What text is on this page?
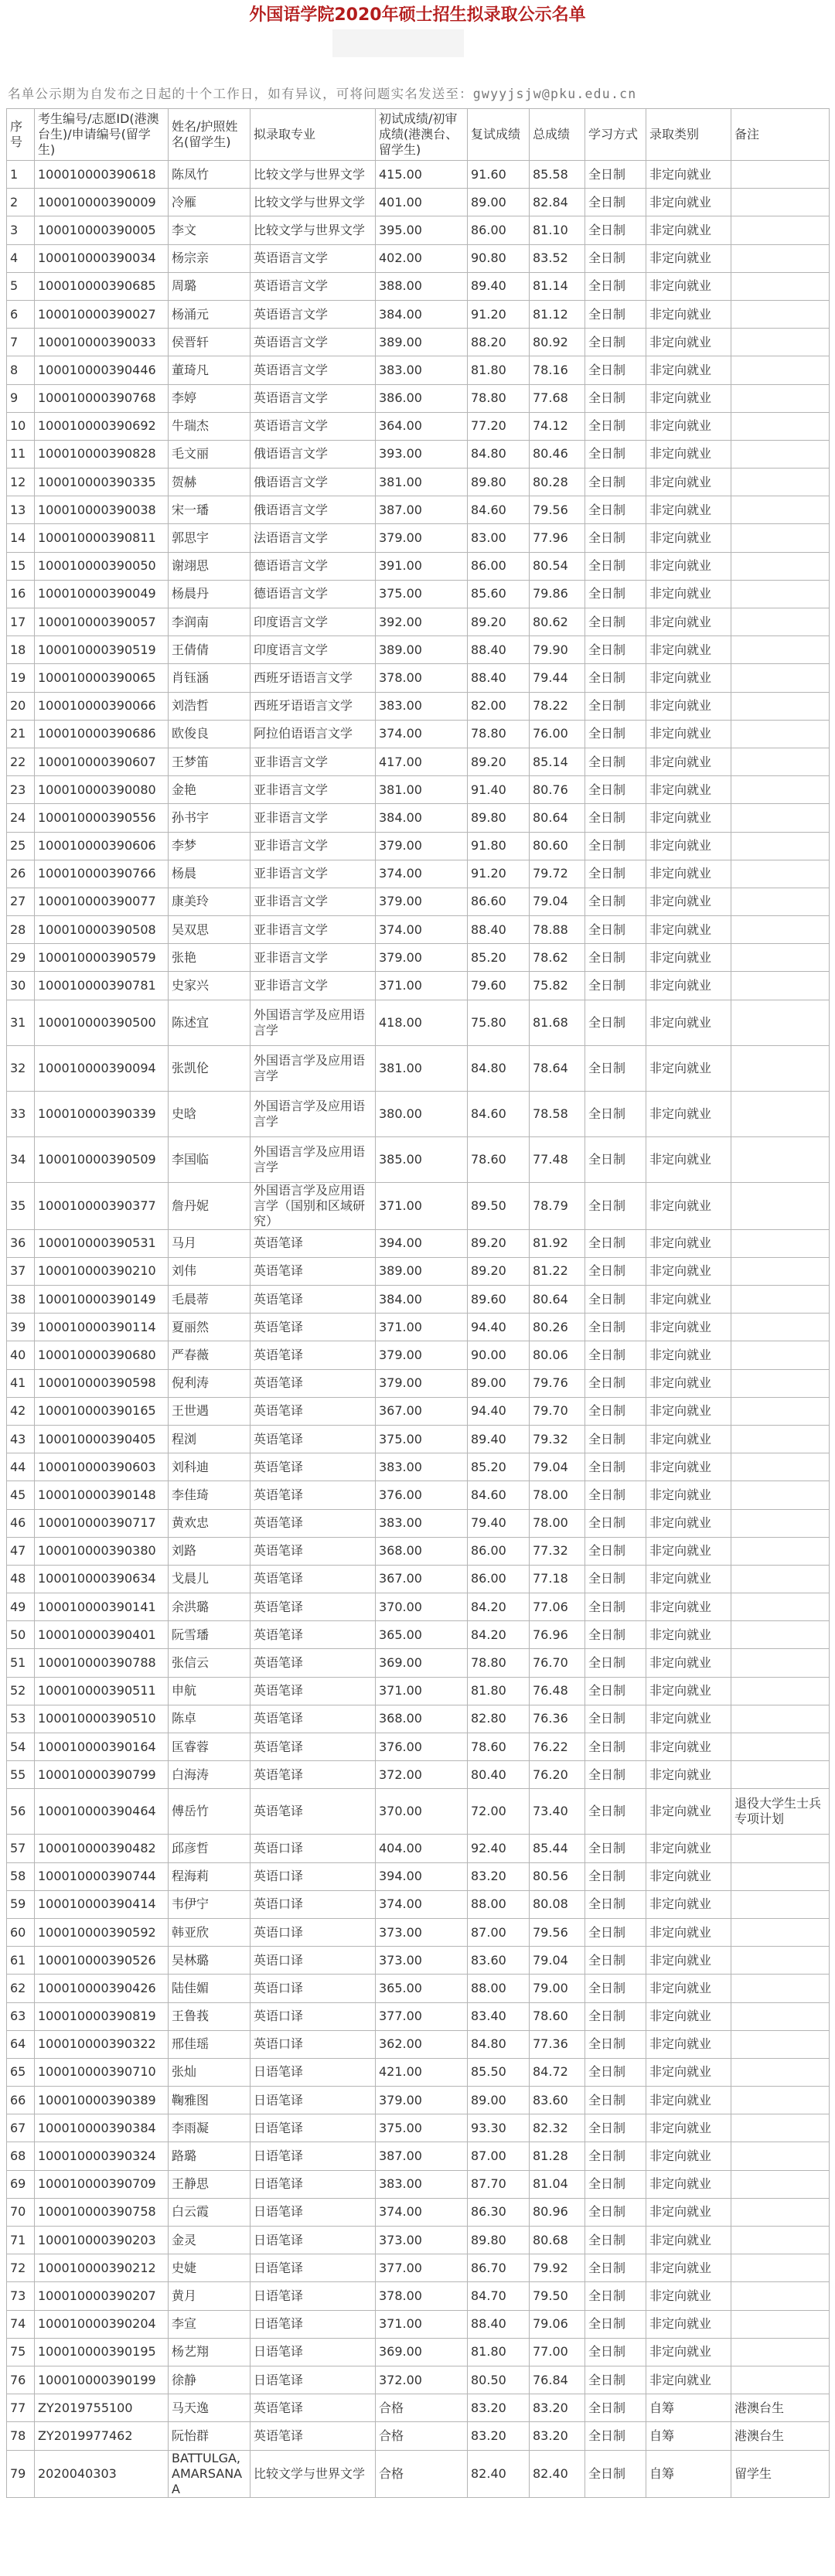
外国语学院2020年硕士招生拟录取公示名单
名单公示期为自发布之日起的十个工作日，如有异议，可将问题实名发送至：gwyyjsjw@pku.edu.cn
序号	考生编号/志愿ID(港澳台生)/申请编号(留学生)	姓名/护照姓名(留学生)	拟录取专业	初试成绩/初审成绩(港澳台、留学生)	复试成绩	总成绩	学习方式	录取类别	备注
1	100010000390618	陈凤竹	比较文学与世界文学	415.00	91.60	85.58	全日制	非定向就业	
2	100010000390009	冷雁	比较文学与世界文学	401.00	89.00	82.84	全日制	非定向就业	
3	100010000390005	李文	比较文学与世界文学	395.00	86.00	81.10	全日制	非定向就业	
4	100010000390034	杨宗亲	英语语言文学	402.00	90.80	83.52	全日制	非定向就业	
5	100010000390685	周璐	英语语言文学	388.00	89.40	81.14	全日制	非定向就业	
6	100010000390027	杨涌元	英语语言文学	384.00	91.20	81.12	全日制	非定向就业	
7	100010000390033	侯晋轩	英语语言文学	389.00	88.20	80.92	全日制	非定向就业	
8	100010000390446	董琦凡	英语语言文学	383.00	81.80	78.16	全日制	非定向就业	
9	100010000390768	李婷	英语语言文学	386.00	78.80	77.68	全日制	非定向就业	
10	100010000390692	牛瑞杰	英语语言文学	364.00	77.20	74.12	全日制	非定向就业	
11	100010000390828	毛文丽	俄语语言文学	393.00	84.80	80.46	全日制	非定向就业	
12	100010000390335	贺赫	俄语语言文学	381.00	89.80	80.28	全日制	非定向就业	
13	100010000390038	宋一璠	俄语语言文学	387.00	84.60	79.56	全日制	非定向就业	
14	100010000390811	郭思宇	法语语言文学	379.00	83.00	77.96	全日制	非定向就业	
15	100010000390050	谢翊思	德语语言文学	391.00	86.00	80.54	全日制	非定向就业	
16	100010000390049	杨晨丹	德语语言文学	375.00	85.60	79.86	全日制	非定向就业	
17	100010000390057	李润南	印度语言文学	392.00	89.20	80.62	全日制	非定向就业	
18	100010000390519	王倩倩	印度语言文学	389.00	88.40	79.90	全日制	非定向就业	
19	100010000390065	肖钰涵	西班牙语语言文学	378.00	88.40	79.44	全日制	非定向就业	
20	100010000390066	刘浩哲	西班牙语语言文学	383.00	82.00	78.22	全日制	非定向就业	
21	100010000390686	欧俊良	阿拉伯语语言文学	374.00	78.80	76.00	全日制	非定向就业	
22	100010000390607	王梦笛	亚非语言文学	417.00	89.20	85.14	全日制	非定向就业	
23	100010000390080	金艳	亚非语言文学	381.00	91.40	80.76	全日制	非定向就业	
24	100010000390556	孙书宇	亚非语言文学	384.00	89.80	80.64	全日制	非定向就业	
25	100010000390606	李梦	亚非语言文学	379.00	91.80	80.60	全日制	非定向就业	
26	100010000390766	杨晨	亚非语言文学	374.00	91.20	79.72	全日制	非定向就业	
27	100010000390077	康美玲	亚非语言文学	379.00	86.60	79.04	全日制	非定向就业	
28	100010000390508	吴双思	亚非语言文学	374.00	88.40	78.88	全日制	非定向就业	
29	100010000390579	张艳	亚非语言文学	379.00	85.20	78.62	全日制	非定向就业	
30	100010000390781	史家兴	亚非语言文学	371.00	79.60	75.82	全日制	非定向就业	
31	100010000390500	陈述宜	外国语言学及应用语言学	418.00	75.80	81.68	全日制	非定向就业	
32	100010000390094	张凯伦	外国语言学及应用语言学	381.00	84.80	78.64	全日制	非定向就业	
33	100010000390339	史晗	外国语言学及应用语言学	380.00	84.60	78.58	全日制	非定向就业	
34	100010000390509	李国临	外国语言学及应用语言学	385.00	78.60	77.48	全日制	非定向就业	
35	100010000390377	詹丹妮	外国语言学及应用语言学（国别和区域研究）	371.00	89.50	78.79	全日制	非定向就业	
36	100010000390531	马月	英语笔译	394.00	89.20	81.92	全日制	非定向就业	
37	100010000390210	刘伟	英语笔译	389.00	89.20	81.22	全日制	非定向就业	
38	100010000390149	毛晨蒂	英语笔译	384.00	89.60	80.64	全日制	非定向就业	
39	100010000390114	夏丽然	英语笔译	371.00	94.40	80.26	全日制	非定向就业	
40	100010000390680	严春薇	英语笔译	379.00	90.00	80.06	全日制	非定向就业	
41	100010000390598	倪利涛	英语笔译	379.00	89.00	79.76	全日制	非定向就业	
42	100010000390165	王世遇	英语笔译	367.00	94.40	79.70	全日制	非定向就业	
43	100010000390405	程浏	英语笔译	375.00	89.40	79.32	全日制	非定向就业	
44	100010000390603	刘科迪	英语笔译	383.00	85.20	79.04	全日制	非定向就业	
45	100010000390148	李佳琦	英语笔译	376.00	84.60	78.00	全日制	非定向就业	
46	100010000390717	黄欢忠	英语笔译	383.00	79.40	78.00	全日制	非定向就业	
47	100010000390380	刘路	英语笔译	368.00	86.00	77.32	全日制	非定向就业	
48	100010000390634	戈晨儿	英语笔译	367.00	86.00	77.18	全日制	非定向就业	
49	100010000390141	余洪璐	英语笔译	370.00	84.20	77.06	全日制	非定向就业	
50	100010000390401	阮雪璠	英语笔译	365.00	84.20	76.96	全日制	非定向就业	
51	100010000390788	张信云	英语笔译	369.00	78.80	76.70	全日制	非定向就业	
52	100010000390511	申航	英语笔译	371.00	81.80	76.48	全日制	非定向就业	
53	100010000390510	陈卓	英语笔译	368.00	82.80	76.36	全日制	非定向就业	
54	100010000390164	匡睿蓉	英语笔译	376.00	78.60	76.22	全日制	非定向就业	
55	100010000390799	白海涛	英语笔译	372.00	80.40	76.20	全日制	非定向就业	
56	100010000390464	傅岳竹	英语笔译	370.00	72.00	73.40	全日制	非定向就业	退役大学生士兵专项计划
57	100010000390482	邱彦哲	英语口译	404.00	92.40	85.44	全日制	非定向就业	
58	100010000390744	程海莉	英语口译	394.00	83.20	80.56	全日制	非定向就业	
59	100010000390414	韦伊宁	英语口译	374.00	88.00	80.08	全日制	非定向就业	
60	100010000390592	韩亚欣	英语口译	373.00	87.00	79.56	全日制	非定向就业	
61	100010000390526	吴林璐	英语口译	373.00	83.60	79.04	全日制	非定向就业	
62	100010000390426	陆佳媚	英语口译	365.00	88.00	79.00	全日制	非定向就业	
63	100010000390819	王鲁莪	英语口译	377.00	83.40	78.60	全日制	非定向就业	
64	100010000390322	邢佳瑶	英语口译	362.00	84.80	77.36	全日制	非定向就业	
65	100010000390710	张灿	日语笔译	421.00	85.50	84.72	全日制	非定向就业	
66	100010000390389	鞠雅图	日语笔译	379.00	89.00	83.60	全日制	非定向就业	
67	100010000390384	李雨凝	日语笔译	375.00	93.30	82.32	全日制	非定向就业	
68	100010000390324	路璐	日语笔译	387.00	87.00	81.28	全日制	非定向就业	
69	100010000390709	王静思	日语笔译	383.00	87.70	81.04	全日制	非定向就业	
70	100010000390758	白云霞	日语笔译	374.00	86.30	80.96	全日制	非定向就业	
71	100010000390203	金灵	日语笔译	373.00	89.80	80.68	全日制	非定向就业	
72	100010000390212	史婕	日语笔译	377.00	86.70	79.92	全日制	非定向就业	
73	100010000390207	黄月	日语笔译	378.00	84.70	79.50	全日制	非定向就业	
74	100010000390204	李宣	日语笔译	371.00	88.40	79.06	全日制	非定向就业	
75	100010000390195	杨艺翔	日语笔译	369.00	81.80	77.00	全日制	非定向就业	
76	100010000390199	徐静	日语笔译	372.00	80.50	76.84	全日制	非定向就业	
77	ZY2019755100	马天逸	英语笔译	合格	83.20	83.20	全日制	自筹	港澳台生
78	ZY2019977462	阮怡群	英语笔译	合格	83.20	83.20	全日制	自筹	港澳台生
79	2020040303	BATTULGA, AMARSANAA	比较文学与世界文学	合格	82.40	82.40	全日制	自筹	留学生
